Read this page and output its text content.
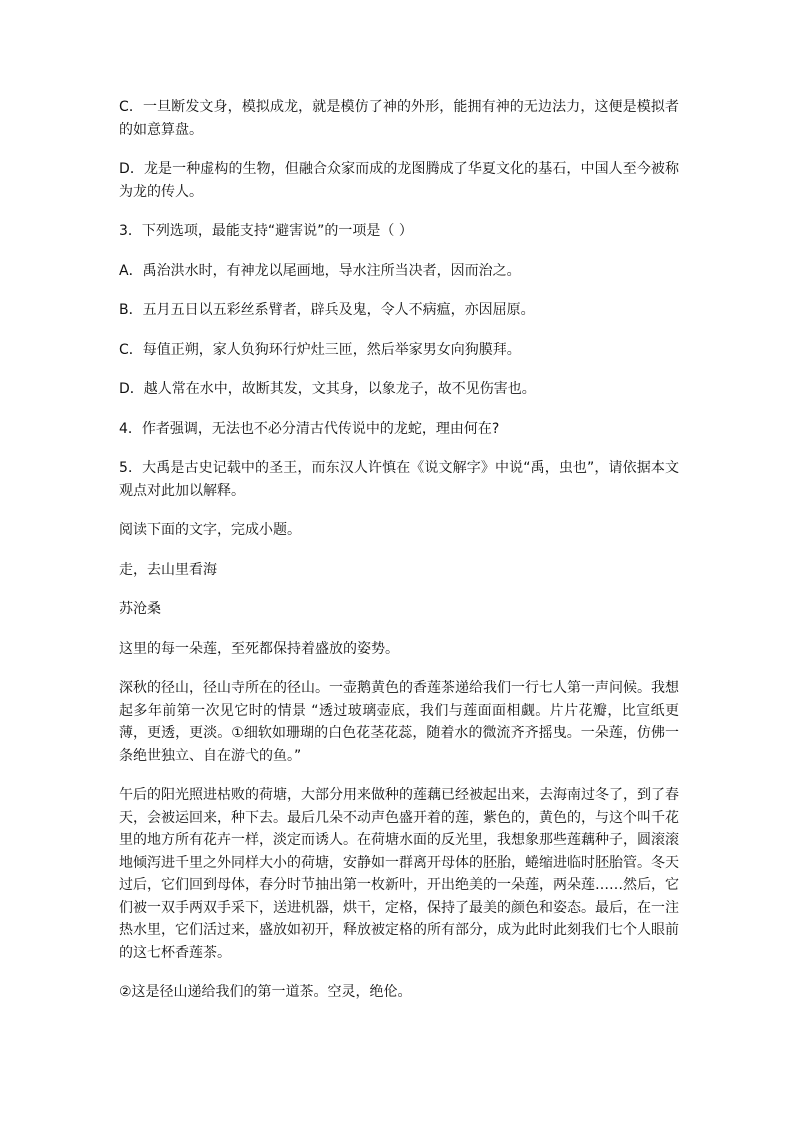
C．一旦断发文身，模拟成龙，就是模仿了神的外形，能拥有神的无边法力，这便是模拟者的如意算盘。

D．龙是一种虚构的生物，但融合众家而成的龙图腾成了华夏文化的基石，中国人至今被称为龙的传人。

3．下列选项，最能支持“避害说”的一项是（ ）

A．禹治洪水时，有神龙以尾画地，导水注所当决者，因而治之。

B．五月五日以五彩丝系臂者，辟兵及鬼，令人不病瘟，亦因屈原。

C．每值正朔，家人负狗环行炉灶三匝，然后举家男女向狗膜拜。

D．越人常在水中，故断其发，文其身，以象龙子，故不见伤害也。

4．作者强调，无法也不必分清古代传说中的龙蛇，理由何在?

5．大禹是古史记载中的圣王，而东汉人许慎在《说文解字》中说“禹，虫也”，请依据本文观点对此加以解释。

阅读下面的文字，完成小题。

走，去山里看海

苏沧桑

这里的每一朵莲，至死都保持着盛放的姿势。

深秋的径山，径山寺所在的径山。一壶鹅黄色的香莲茶递给我们一行七人第一声问候。我想起多年前第一次见它时的情景 “透过玻璃壶底，我们与莲面面相觑。片片花瓣，比宣纸更薄，更透，更淡。①细软如珊瑚的白色花茎花蕊，随着水的微流齐齐摇曳。一朵莲，仿佛一条绝世独立、自在游弋的鱼。”

午后的阳光照进枯败的荷塘，大部分用来做种的莲藕已经被起出来，去海南过冬了，到了春天，会被运回来，种下去。最后几朵不动声色盛开着的莲，紫色的，黄色的，与这个叫千花里的地方所有花卉一样，淡定而诱人。在荷塘水面的反光里，我想象那些莲藕种子，圆滚滚地倾泻进千里之外同样大小的荷塘，安静如一群离开母体的胚胎，蜷缩进临时胚胎管。冬天过后，它们回到母体，春分时节抽出第一枚新叶，开出绝美的一朵莲，两朵莲……然后，它们被一双手两双手采下，送进机器，烘干，定格，保持了最美的颜色和姿态。最后，在一注热水里，它们活过来，盛放如初开，释放被定格的所有部分，成为此时此刻我们七个人眼前的这七杯香莲茶。

②这是径山递给我们的第一道茶。空灵，绝伦。
